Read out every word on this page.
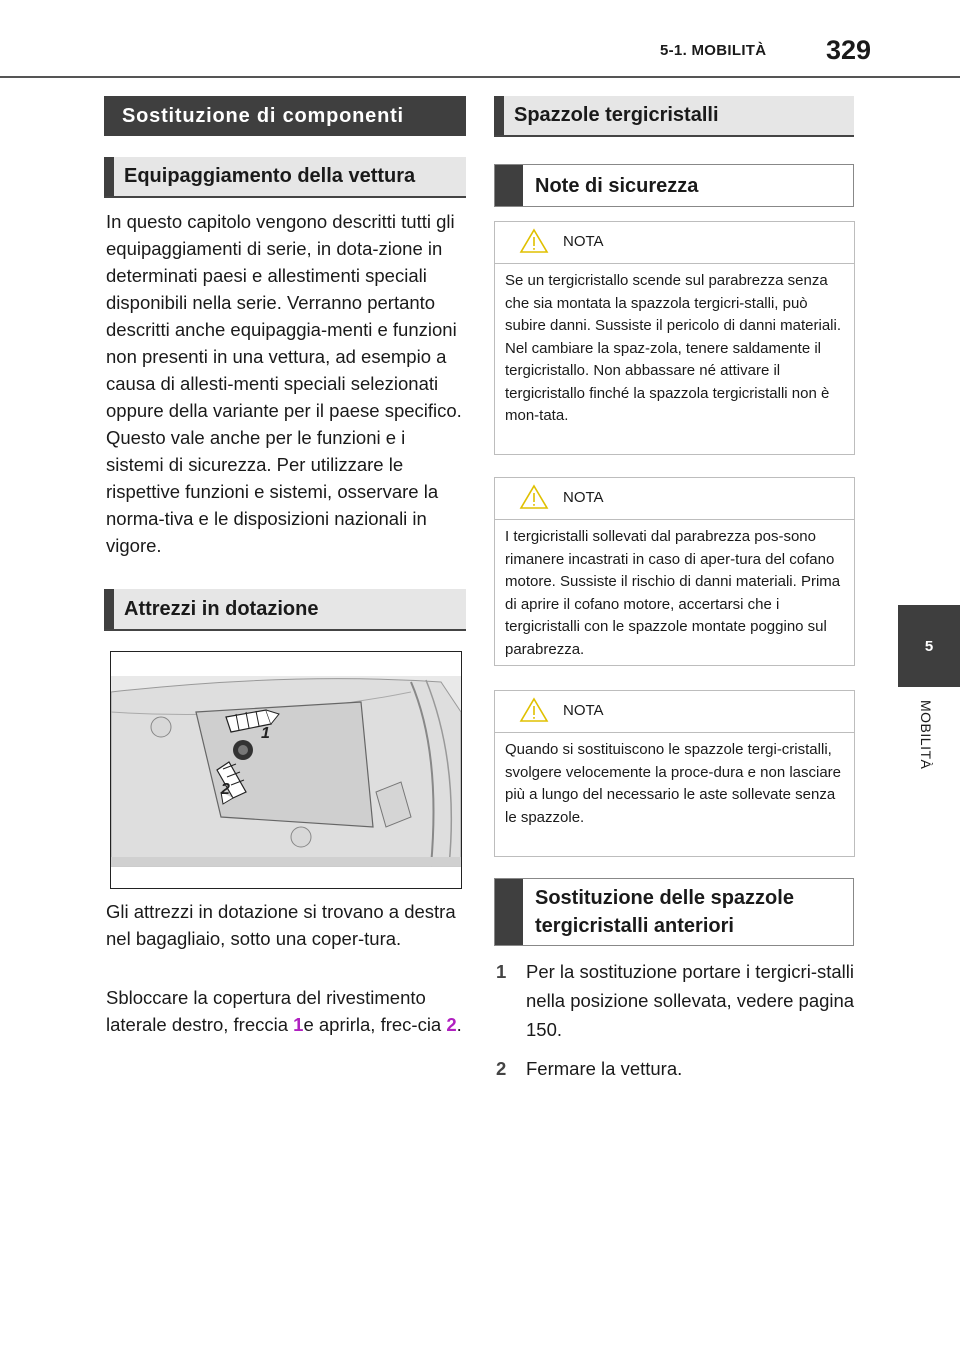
5-1. MOBILITÀ 329
5
MOBILITÀ
Sostituzione di componenti
Equipaggiamento della vettura

In questo capitolo vengono descritti tutti gli equipaggiamenti di serie, in dota-zione in determinati paesi e allestimenti speciali disponibili nella serie. Verranno pertanto descritti anche equipaggia-menti e funzioni non presenti in una vettura, ad esempio a causa di allesti-menti speciali selezionati oppure della variante per il paese specifico. Questo vale anche per le funzioni e i sistemi di sicurezza. Per utilizzare le rispettive funzioni e sistemi, osservare la norma-tiva e le disposizioni nazionali in vigore.

Attrezzi in dotazione
1
2

Gli attrezzi in dotazione si trovano a destra nel bagagliaio, sotto una coper-tura.

Sbloccare la copertura del rivestimento laterale destro, freccia 1e aprirla, frec-cia 2.

Spazzole tergicristalli
Note di sicurezza
NOTA
Se un tergicristallo scende sul parabrezza senza che sia montata la spazzola tergicri-stalli, può subire danni. Sussiste il pericolo di danni materiali. Nel cambiare la spaz-zola, tenere saldamente il tergicristallo. Non abbassare né attivare il tergicristallo finché la spazzola tergicristalli non è mon-tata.
NOTA
I tergicristalli sollevati dal parabrezza pos-sono rimanere incastrati in caso di aper-tura del cofano motore. Sussiste il rischio di danni materiali. Prima di aprire il cofano motore, accertarsi che i tergicristalli con le spazzole montate poggino sul parabrezza.
NOTA
Quando si sostituiscono le spazzole tergi-cristalli, svolgere velocemente la proce-dura e non lasciare più a lungo del necessario le aste sollevate senza le spazzole.
Sostituzione delle spazzole tergicristalli anteriori
1 Per la sostituzione portare i tergicri-stalli nella posizione sollevata, vedere pagina 150.
2 Fermare la vettura.
